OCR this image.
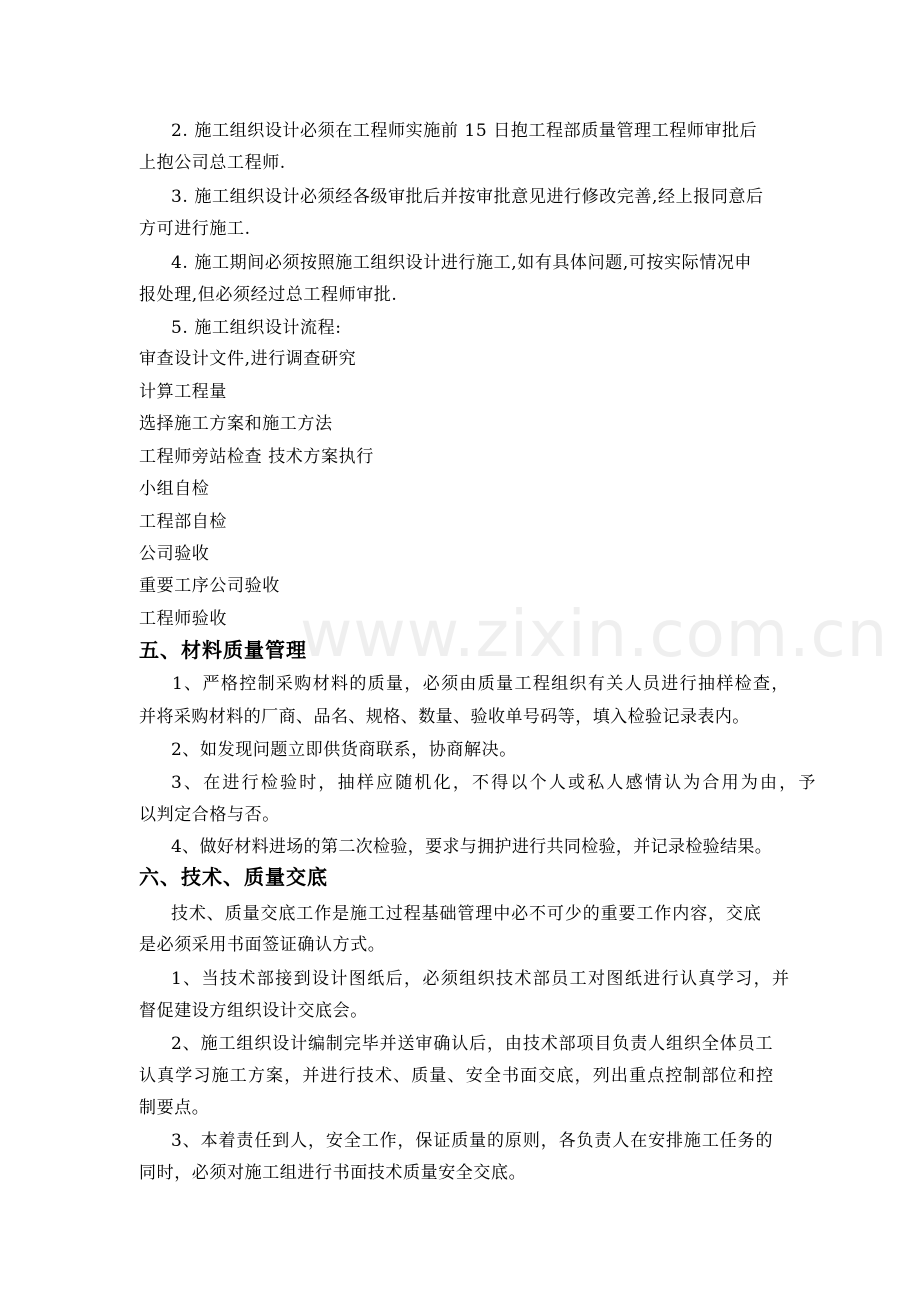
2. 施工组织设计必须在工程师实施前 15 日抱工程部质量管理工程师审批后
上抱公司总工程师.
3. 施工组织设计必须经各级审批后并按审批意见进行修改完善,经上报同意后
方可进行施工.
4. 施工期间必须按照施工组织设计进行施工,如有具体问题,可按实际情况申
报处理,但必须经过总工程师审批.
5. 施工组织设计流程:
审查设计文件,进行调查研究
计算工程量
选择施工方案和施工方法
工程师旁站检查 技术方案执行
小组自检
工程部自检
公司验收
重要工序公司验收
工程师验收
五、材料质量管理
1、严格控制采购材料的质量，必须由质量工程组织有关人员进行抽样检查，
并将采购材料的厂商、品名、规格、数量、验收单号码等，填入检验记录表内。
2、如发现问题立即供货商联系，协商解决。
3、在进行检验时，抽样应随机化，不得以个人或私人感情认为合用为由，予
以判定合格与否。
4、做好材料进场的第二次检验，要求与拥护进行共同检验，并记录检验结果。
六、技术、质量交底
技术、质量交底工作是施工过程基础管理中必不可少的重要工作内容，交底
是必须采用书面签证确认方式。
1、当技术部接到设计图纸后，必须组织技术部员工对图纸进行认真学习，并
督促建设方组织设计交底会。
2、施工组织设计编制完毕并送审确认后，由技术部项目负责人组织全体员工
认真学习施工方案，并进行技术、质量、安全书面交底，列出重点控制部位和控
制要点。
3、本着责任到人，安全工作，保证质量的原则，各负责人在安排施工任务的
同时，必须对施工组进行书面技术质量安全交底。
www.zixin.com.cn
